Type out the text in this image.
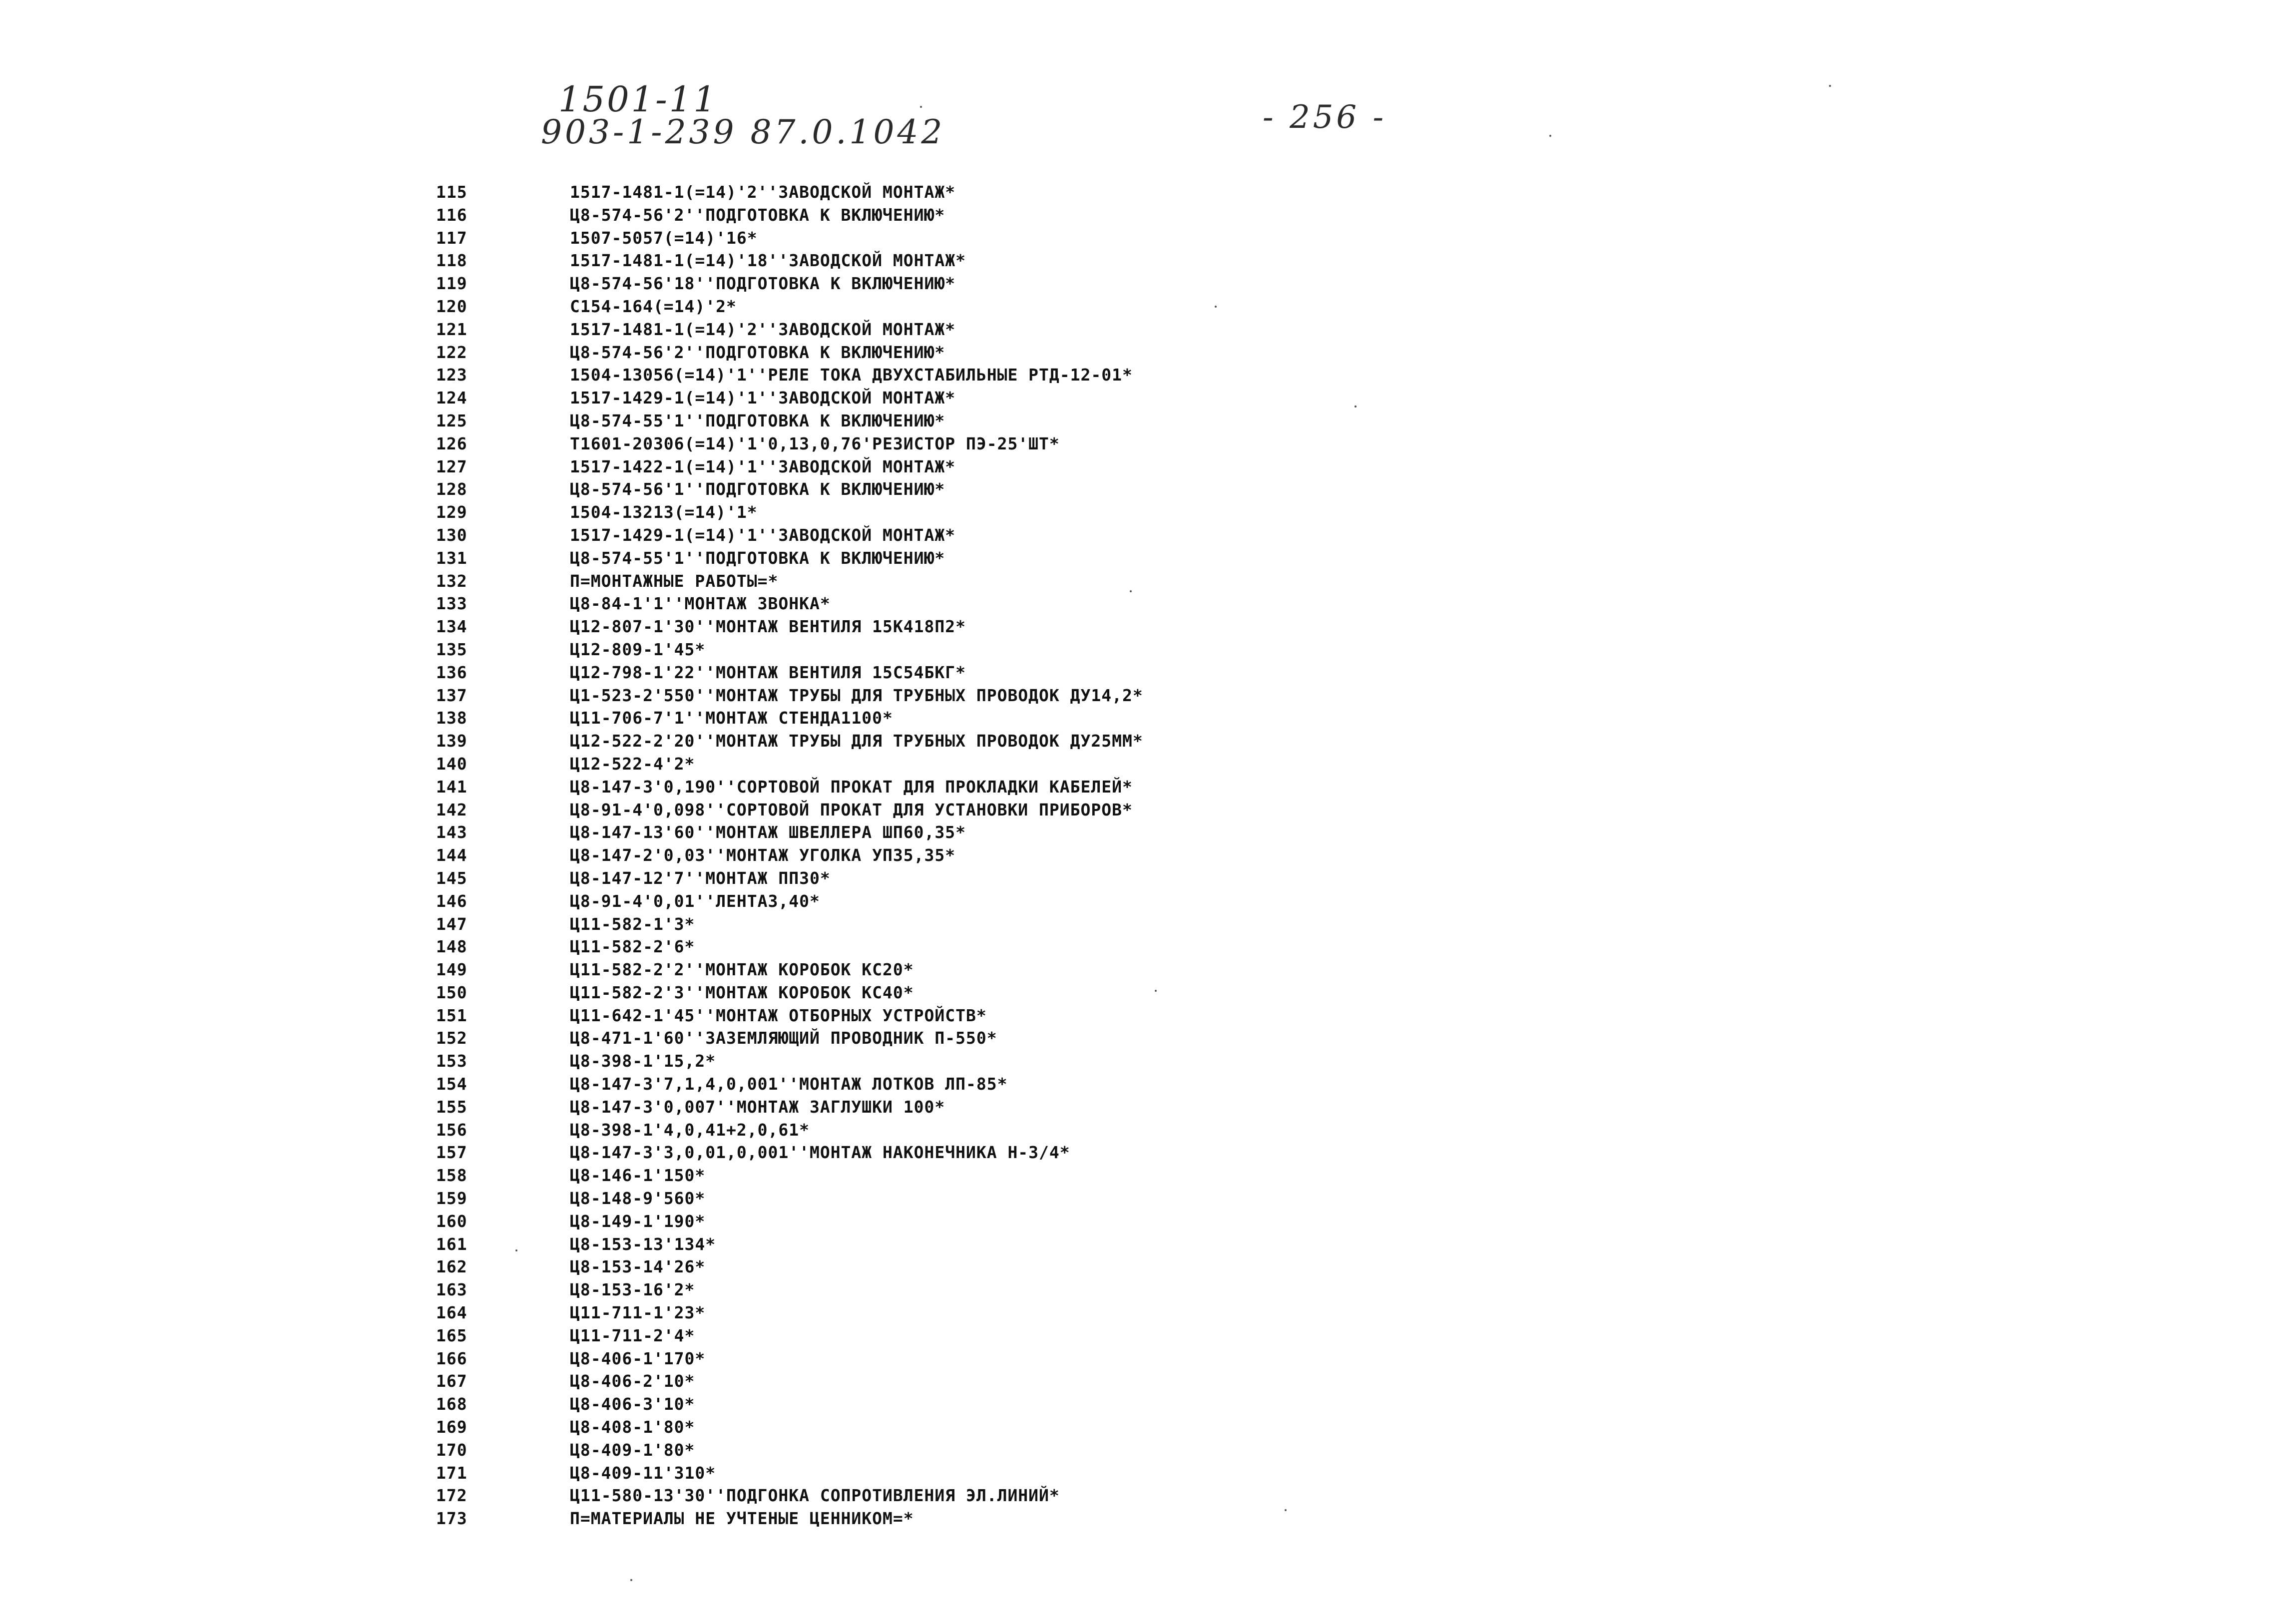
1501-11
903-1-239 87.0.1042	- 256 -
115	1517-1481-1(=14)'2''ЗАВОДСКОЙ МОНТАЖ*
116	Ц8-574-56'2''ПОДГОТОВКА К ВКЛЮЧЕНИЮ*
117	1507-5057(=14)'16*
118	1517-1481-1(=14)'18''ЗАВОДСКОЙ МОНТАЖ*
119	Ц8-574-56'18''ПОДГОТОВКА К ВКЛЮЧЕНИЮ*
120	С154-164(=14)'2*
121	1517-1481-1(=14)'2''ЗАВОДСКОЙ МОНТАЖ*
122	Ц8-574-56'2''ПОДГОТОВКА К ВКЛЮЧЕНИЮ*
123	1504-13056(=14)'1''РЕЛЕ ТОКА ДВУХСТАБИЛЬНЫЕ РТД-12-01*
124	1517-1429-1(=14)'1''ЗАВОДСКОЙ МОНТАЖ*
125	Ц8-574-55'1''ПОДГОТОВКА К ВКЛЮЧЕНИЮ*
126	Т1601-20306(=14)'1'0,13,0,76'РЕЗИСТОР ПЭ-25'ШТ*
127	1517-1422-1(=14)'1''ЗАВОДСКОЙ МОНТАЖ*
128	Ц8-574-56'1''ПОДГОТОВКА К ВКЛЮЧЕНИЮ*
129	1504-13213(=14)'1*
130	1517-1429-1(=14)'1''ЗАВОДСКОЙ МОНТАЖ*
131	Ц8-574-55'1''ПОДГОТОВКА К ВКЛЮЧЕНИЮ*
132	П=МОНТАЖНЫЕ РАБОТЫ=*
133	Ц8-84-1'1''МОНТАЖ ЗВОНКА*
134	Ц12-807-1'30''МОНТАЖ ВЕНТИЛЯ 15К418П2*
135	Ц12-809-1'45*
136	Ц12-798-1'22''МОНТАЖ ВЕНТИЛЯ 15С54БКГ*
137	Ц1-523-2'550''МОНТАЖ ТРУБЫ ДЛЯ ТРУБНЫХ ПРОВОДОК ДУ14,2*
138	Ц11-706-7'1''МОНТАЖ СТЕНДА1100*
139	Ц12-522-2'20''МОНТАЖ ТРУБЫ ДЛЯ ТРУБНЫХ ПРОВОДОК ДУ25ММ*
140	Ц12-522-4'2*
141	Ц8-147-3'0,190''СОРТОВОЙ ПРОКАТ ДЛЯ ПРОКЛАДКИ КАБЕЛЕЙ*
142	Ц8-91-4'0,098''СОРТОВОЙ ПРОКАТ ДЛЯ УСТАНОВКИ ПРИБОРОВ*
143	Ц8-147-13'60''МОНТАЖ ШВЕЛЛЕРА ШП60,35*
144	Ц8-147-2'0,03''МОНТАЖ УГОЛКА УП35,35*
145	Ц8-147-12'7''МОНТАЖ ПП30*
146	Ц8-91-4'0,01''ЛЕНТА3,40*
147	Ц11-582-1'3*
148	Ц11-582-2'6*
149	Ц11-582-2'2''МОНТАЖ КОРОБОК КС20*
150	Ц11-582-2'3''МОНТАЖ КОРОБОК КС40*
151	Ц11-642-1'45''МОНТАЖ ОТБОРНЫХ УСТРОЙСТВ*
152	Ц8-471-1'60''ЗАЗЕМЛЯЮЩИЙ ПРОВОДНИК П-550*
153	Ц8-398-1'15,2*
154	Ц8-147-3'7,1,4,0,001''МОНТАЖ ЛОТКОВ ЛП-85*
155	Ц8-147-3'0,007''МОНТАЖ ЗАГЛУШКИ 100*
156	Ц8-398-1'4,0,41+2,0,61*
157	Ц8-147-3'3,0,01,0,001''МОНТАЖ НАКОНЕЧНИКА Н-3/4*
158	Ц8-146-1'150*
159	Ц8-148-9'560*
160	Ц8-149-1'190*
161	Ц8-153-13'134*
162	Ц8-153-14'26*
163	Ц8-153-16'2*
164	Ц11-711-1'23*
165	Ц11-711-2'4*
166	Ц8-406-1'170*
167	Ц8-406-2'10*
168	Ц8-406-3'10*
169	Ц8-408-1'80*
170	Ц8-409-1'80*
171	Ц8-409-11'310*
172	Ц11-580-13'30''ПОДГОНКА СОПРОТИВЛЕНИЯ ЭЛ.ЛИНИЙ*
173	П=МАТЕРИАЛЫ НЕ УЧТЕНЫЕ ЦЕННИКОМ=*
